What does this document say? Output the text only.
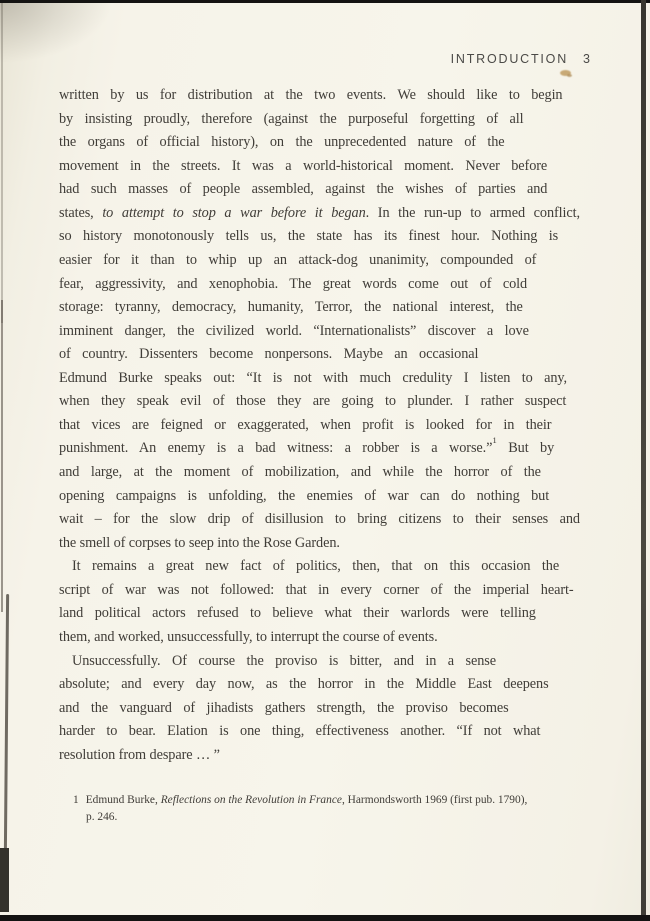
INTRODUCTION 3
written by us for distribution at the two events. We should like to begin
by insisting proudly, therefore (against the purposeful forgetting of all
the organs of official history), on the unprecedented nature of the
movement in the streets. It was a world-historical moment. Never before
had such masses of people assembled, against the wishes of parties and
states, to attempt to stop a war before it began. In the run-up to armed conflict,
so history monotonously tells us, the state has its finest hour. Nothing is
easier for it than to whip up an attack-dog unanimity, compounded of
fear, aggressivity, and xenophobia. The great words come out of cold
storage: tyranny, democracy, humanity, Terror, the national interest, the
imminent danger, the civilized world. “Internationalists” discover a love
of country. Dissenters become nonpersons. Maybe an occasional
Edmund Burke speaks out: “It is not with much credulity I listen to any,
when they speak evil of those they are going to plunder. I rather suspect
that vices are feigned or exaggerated, when profit is looked for in their
punishment. An enemy is a bad witness: a robber is a worse.”$^1$ But by
and large, at the moment of mobilization, and while the horror of the
opening campaigns is unfolding, the enemies of war can do nothing but
wait – for the slow drip of disillusion to bring citizens to their senses and
the smell of corpses to seep into the Rose Garden.
It remains a great new fact of politics, then, that on this occasion the
script of war was not followed: that in every corner of the imperial heart-
land political actors refused to believe what their warlords were telling
them, and worked, unsuccessfully, to interrupt the course of events.
Unsuccessfully. Of course the proviso is bitter, and in a sense
absolute; and every day now, as the horror in the Middle East deepens
and the vanguard of jihadists gathers strength, the proviso becomes
harder to bear. Elation is one thing, effectiveness another. “If not what
resolution from despare … ”
1 Edmund Burke, Reflections on the Revolution in France, Harmondsworth 1969 (first pub. 1790),
p. 246.
